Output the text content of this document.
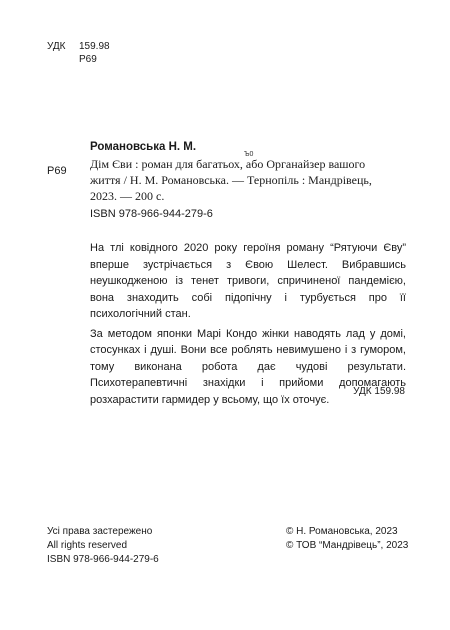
УДК	159.98
Р69
Ъ0
Р69
Романовська Н. М.
Дім Єви : роман для багатьох, або Органайзер вашого
життя / Н. М. Романовська. — Тернопіль : Мандрівець,
2023. — 200 с.
ISBN 978-966-944-279-6

На тлі ковідного 2020 року героїня роману “Рятуючи Єву” вперше зустрічається з Євою Шелест. Вибравшись неушкодженою із тенет тривоги, спричиненої пандемією, вона знаходить собі підопічну і турбується про її психологічний стан.

За методом японки Марі Кондо жінки наводять лад у домі, стосунках і душі. Вони все роблять невимушено і з гумором, тому виконана робота дає чудові результати. Психотерапевтичні знахідки і прийоми допомагають розхарастити гармидер у всьому, що їх оточує.

УДК 159.98
Усі права застережено
All rights reserved
ISBN 978-966-944-279-6
© Н. Романовська, 2023
© ТОВ “Мандрівець”, 2023
